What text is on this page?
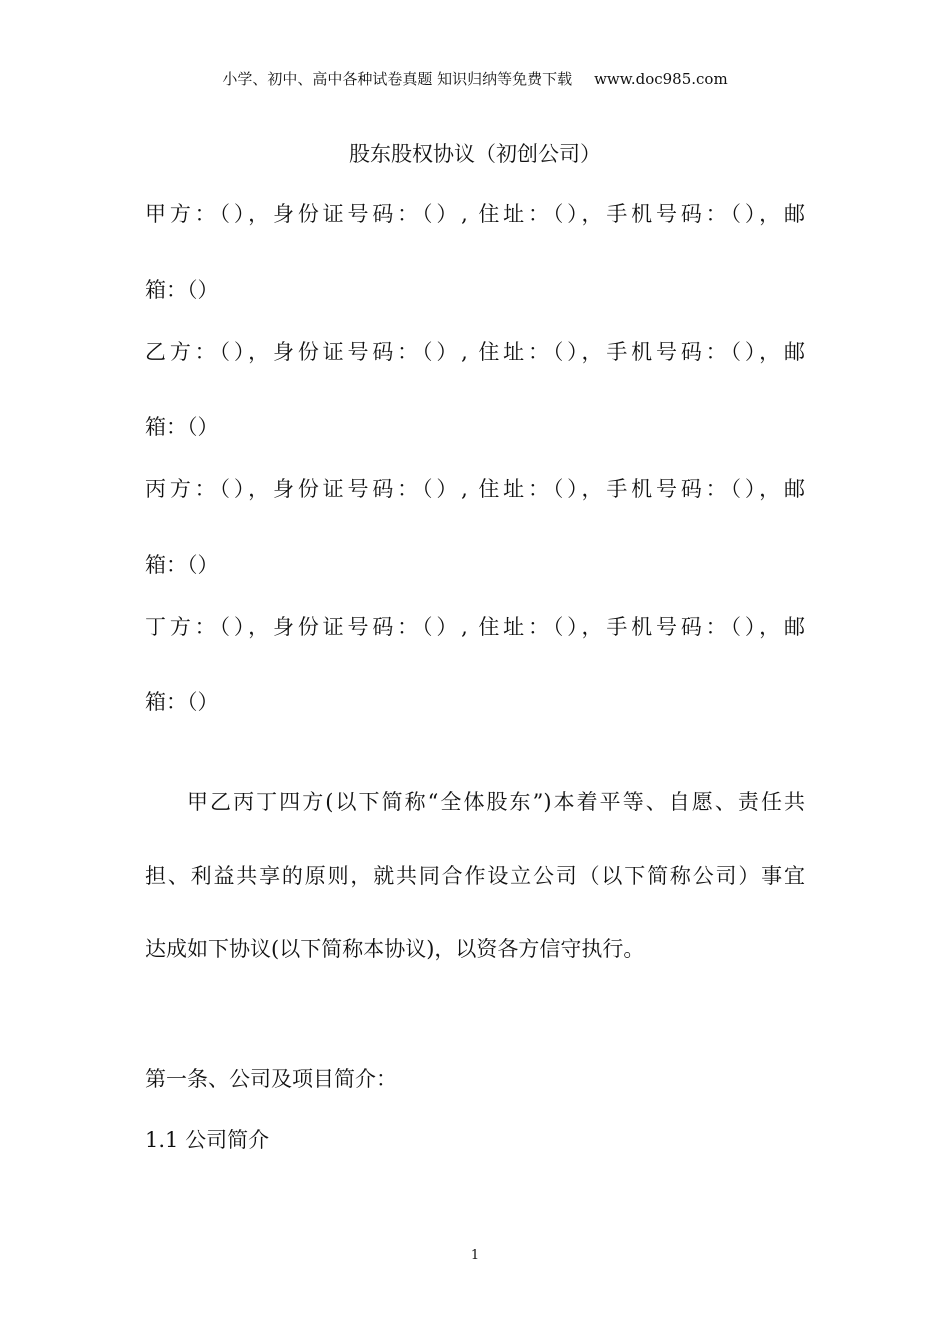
小学、初中、高中各种试卷真题 知识归纳等免费下载 www.doc985.com
股东股权协议（初创公司）
甲方：（），身份证号码：（）, 住址：（），手机号码：（），邮
箱：（）
乙方：（），身份证号码：（）, 住址：（），手机号码：（），邮
箱：（）
丙方：（），身份证号码：（）, 住址：（），手机号码：（），邮
箱：（）
丁方：（），身份证号码：（）, 住址：（），手机号码：（），邮
箱：（）
甲乙丙丁四方(以下简称“全体股东”)本着平等、自愿、责任共
担、利益共享的原则，就共同合作设立公司（以下简称公司）事宜
达成如下协议(以下简称本协议)，以资各方信守执行。
第一条、公司及项目简介：
1.1 公司简介
1
